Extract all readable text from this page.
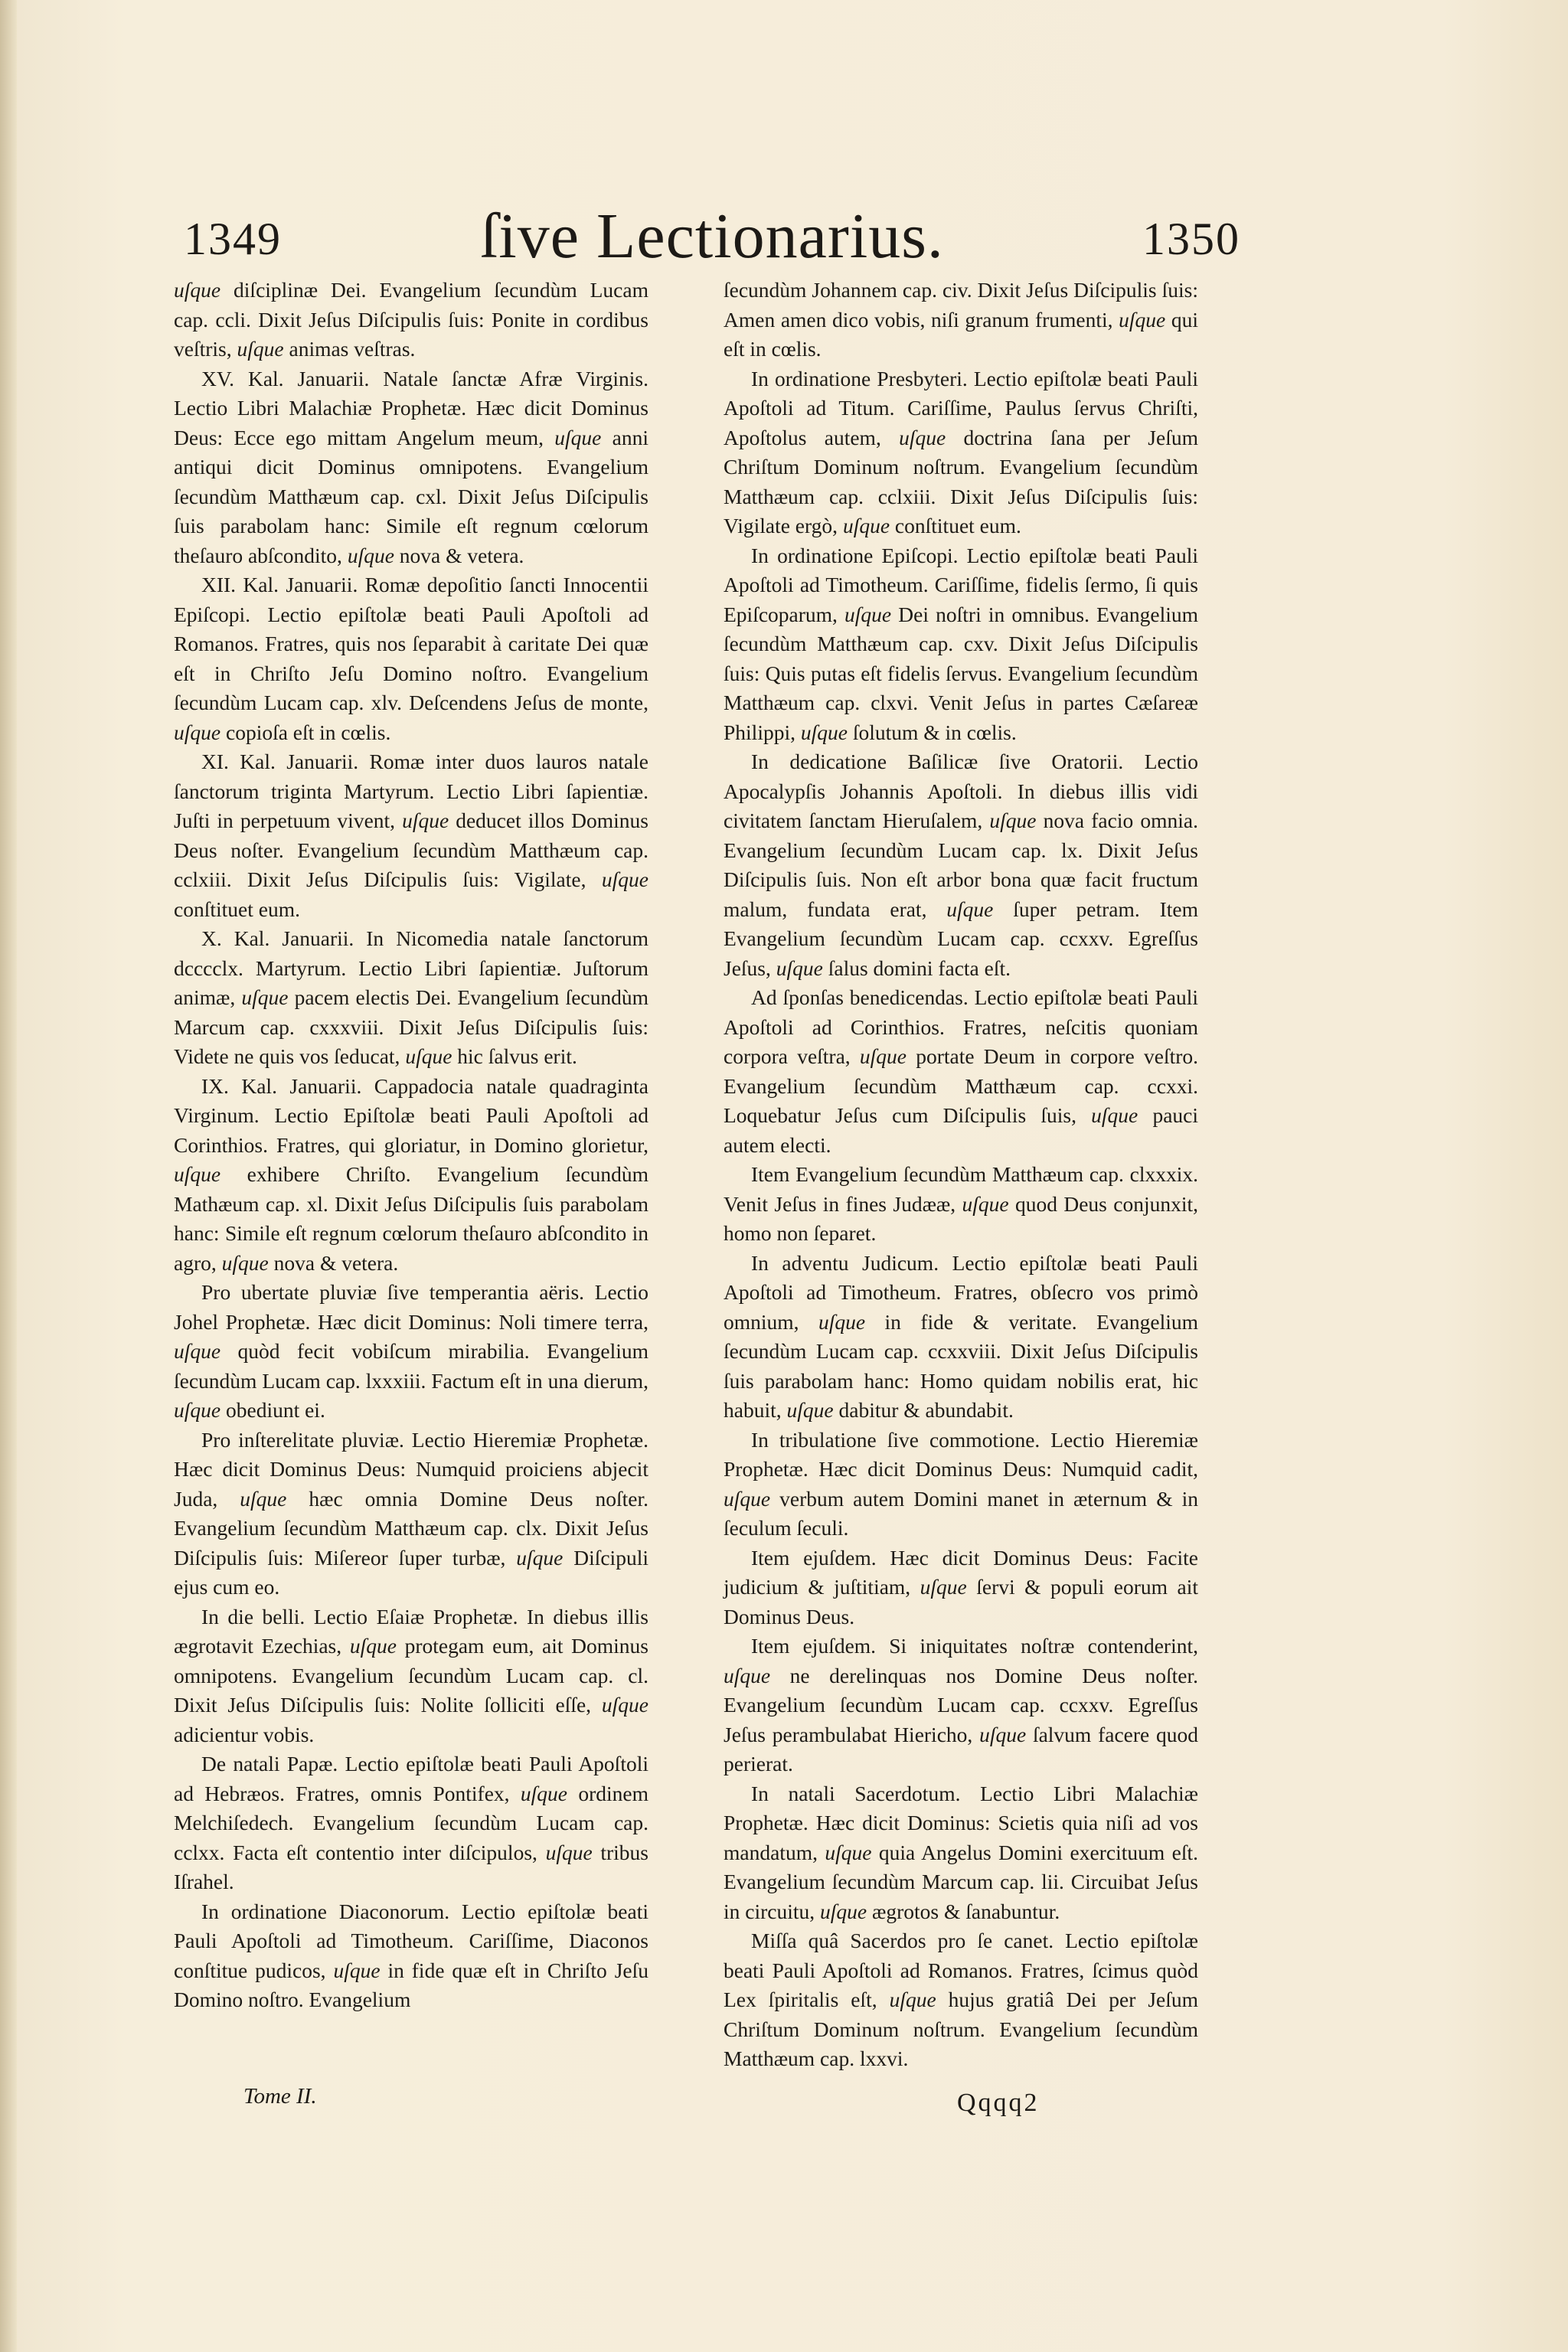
1349	ſive Lectionarius.	1350

uſque diſciplinæ Dei. Evangelium ſecundùm Lucam cap. ccli. Dixit Jeſus Diſcipulis ſuis: Ponite in cordibus veſtris, uſque animas veſtras.

XV. Kal. Januarii. Natale ſanctæ Afræ Virginis. Lectio Libri Malachiæ Prophetæ. Hæc dicit Dominus Deus: Ecce ego mittam Angelum meum, uſque anni antiqui dicit Dominus omnipotens. Evangelium ſecundùm Matthæum cap. cxl. Dixit Jeſus Diſcipulis ſuis parabolam hanc: Simile eſt regnum cœlorum theſauro abſcondito, uſque nova & vetera.

XII. Kal. Januarii. Romæ depoſitio ſancti Innocentii Epiſcopi. Lectio epiſtolæ beati Pauli Apoſtoli ad Romanos. Fratres, quis nos ſeparabit à caritate Dei quæ eſt in Chriſto Jeſu Domino noſtro. Evangelium ſecundùm Lucam cap. xlv. Deſcendens Jeſus de monte, uſque copioſa eſt in cœlis.

XI. Kal. Januarii. Romæ inter duos lauros natale ſanctorum triginta Martyrum. Lectio Libri ſapientiæ. Juſti in perpetuum vivent, uſque deducet illos Dominus Deus noſter. Evangelium ſecundùm Matthæum cap. cclxiii. Dixit Jeſus Diſcipulis ſuis: Vigilate, uſque conſtituet eum.

X. Kal. Januarii. In Nicomedia natale ſanctorum dcccclx. Martyrum. Lectio Libri ſapientiæ. Juſtorum animæ, uſque pacem electis Dei. Evangelium ſecundùm Marcum cap. cxxxviii. Dixit Jeſus Diſcipulis ſuis: Videte ne quis vos ſeducat, uſque hic ſalvus erit.

IX. Kal. Januarii. Cappadocia natale quadraginta Virginum. Lectio Epiſtolæ beati Pauli Apoſtoli ad Corinthios. Fratres, qui gloriatur, in Domino glorietur, uſque exhibere Chriſto. Evangelium ſecundùm Mathæum cap. xl. Dixit Jeſus Diſcipulis ſuis parabolam hanc: Simile eſt regnum cœlorum theſauro abſcondito in agro, uſque nova & vetera.

Pro ubertate pluviæ ſive temperantia aëris. Lectio Johel Prophetæ. Hæc dicit Dominus: Noli timere terra, uſque quòd fecit vobiſcum mirabilia. Evangelium ſecundùm Lucam cap. lxxxiii. Factum eſt in una dierum, uſque obediunt ei.

Pro inſterelitate pluviæ. Lectio Hieremiæ Prophetæ. Hæc dicit Dominus Deus: Numquid proiciens abjecit Juda, uſque hæc omnia Domine Deus noſter. Evangelium ſecundùm Matthæum cap. clx. Dixit Jeſus Diſcipulis ſuis: Miſereor ſuper turbæ, uſque Diſcipuli ejus cum eo.

In die belli. Lectio Eſaiæ Prophetæ. In diebus illis ægrotavit Ezechias, uſque protegam eum, ait Dominus omnipotens. Evangelium ſecundùm Lucam cap. cl. Dixit Jeſus Diſcipulis ſuis: Nolite ſolliciti eſſe, uſque adicientur vobis.

De natali Papæ. Lectio epiſtolæ beati Pauli Apoſtoli ad Hebræos. Fratres, omnis Pontifex, uſque ordinem Melchiſedech. Evangelium ſecundùm Lucam cap. cclxx. Facta eſt contentio inter diſcipulos, uſque tribus Iſrahel.

In ordinatione Diaconorum. Lectio epiſtolæ beati Pauli Apoſtoli ad Timotheum. Cariſſime, Diaconos conſtitue pudicos, uſque in fide quæ eſt in Chriſto Jeſu Domino noſtro. Evangelium

ſecundùm Johannem cap. civ. Dixit Jeſus Diſcipulis ſuis: Amen amen dico vobis, niſi granum frumenti, uſque qui eſt in cœlis.

In ordinatione Presbyteri. Lectio epiſtolæ beati Pauli Apoſtoli ad Titum. Cariſſime, Paulus ſervus Chriſti, Apoſtolus autem, uſque doctrina ſana per Jeſum Chriſtum Dominum noſtrum. Evangelium ſecundùm Matthæum cap. cclxiii. Dixit Jeſus Diſcipulis ſuis: Vigilate ergò, uſque conſtituet eum.

In ordinatione Epiſcopi. Lectio epiſtolæ beati Pauli Apoſtoli ad Timotheum. Cariſſime, fidelis ſermo, ſi quis Epiſcoparum, uſque Dei noſtri in omnibus. Evangelium ſecundùm Matthæum cap. cxv. Dixit Jeſus Diſcipulis ſuis: Quis putas eſt fidelis ſervus. Evangelium ſecundùm Matthæum cap. clxvi. Venit Jeſus in partes Cæſareæ Philippi, uſque ſolutum & in cœlis.

In dedicatione Baſilicæ ſive Oratorii. Lectio Apocalypſis Johannis Apoſtoli. In diebus illis vidi civitatem ſanctam Hieruſalem, uſque nova facio omnia. Evangelium ſecundùm Lucam cap. lx. Dixit Jeſus Diſcipulis ſuis. Non eſt arbor bona quæ facit fructum malum, fundata erat, uſque ſuper petram. Item Evangelium ſecundùm Lucam cap. ccxxv. Egreſſus Jeſus, uſque ſalus domini facta eſt.

Ad ſponſas benedicendas. Lectio epiſtolæ beati Pauli Apoſtoli ad Corinthios. Fratres, neſcitis quoniam corpora veſtra, uſque portate Deum in corpore veſtro. Evangelium ſecundùm Matthæum cap. ccxxi. Loquebatur Jeſus cum Diſcipulis ſuis, uſque pauci autem electi.

Item Evangelium ſecundùm Matthæum cap. clxxxix. Venit Jeſus in fines Judææ, uſque quod Deus conjunxit, homo non ſeparet.

In adventu Judicum. Lectio epiſtolæ beati Pauli Apoſtoli ad Timotheum. Fratres, obſecro vos primò omnium, uſque in fide & veritate. Evangelium ſecundùm Lucam cap. ccxxviii. Dixit Jeſus Diſcipulis ſuis parabolam hanc: Homo quidam nobilis erat, hic habuit, uſque dabitur & abundabit.

In tribulatione ſive commotione. Lectio Hieremiæ Prophetæ. Hæc dicit Dominus Deus: Numquid cadit, uſque verbum autem Domini manet in æternum & in ſeculum ſeculi.

Item ejuſdem. Hæc dicit Dominus Deus: Facite judicium & juſtitiam, uſque ſervi & populi eorum ait Dominus Deus.

Item ejuſdem. Si iniquitates noſtræ contenderint, uſque ne derelinquas nos Domine Deus noſter. Evangelium ſecundùm Lucam cap. ccxxv. Egreſſus Jeſus perambulabat Hiericho, uſque ſalvum facere quod perierat.

In natali Sacerdotum. Lectio Libri Malachiæ Prophetæ. Hæc dicit Dominus: Scietis quia niſi ad vos mandatum, uſque quia Angelus Domini exercituum eſt. Evangelium ſecundùm Marcum cap. lii. Circuibat Jeſus in circuitu, uſque ægrotos & ſanabuntur.

Miſſa quâ Sacerdos pro ſe canet. Lectio epiſtolæ beati Pauli Apoſtoli ad Romanos. Fratres, ſcimus quòd Lex ſpiritalis eſt, uſque hujus gratiâ Dei per Jeſum Chriſtum Dominum noſtrum. Evangelium ſecundùm Matthæum cap. lxxvi.

Tome II.	Qqqq2
